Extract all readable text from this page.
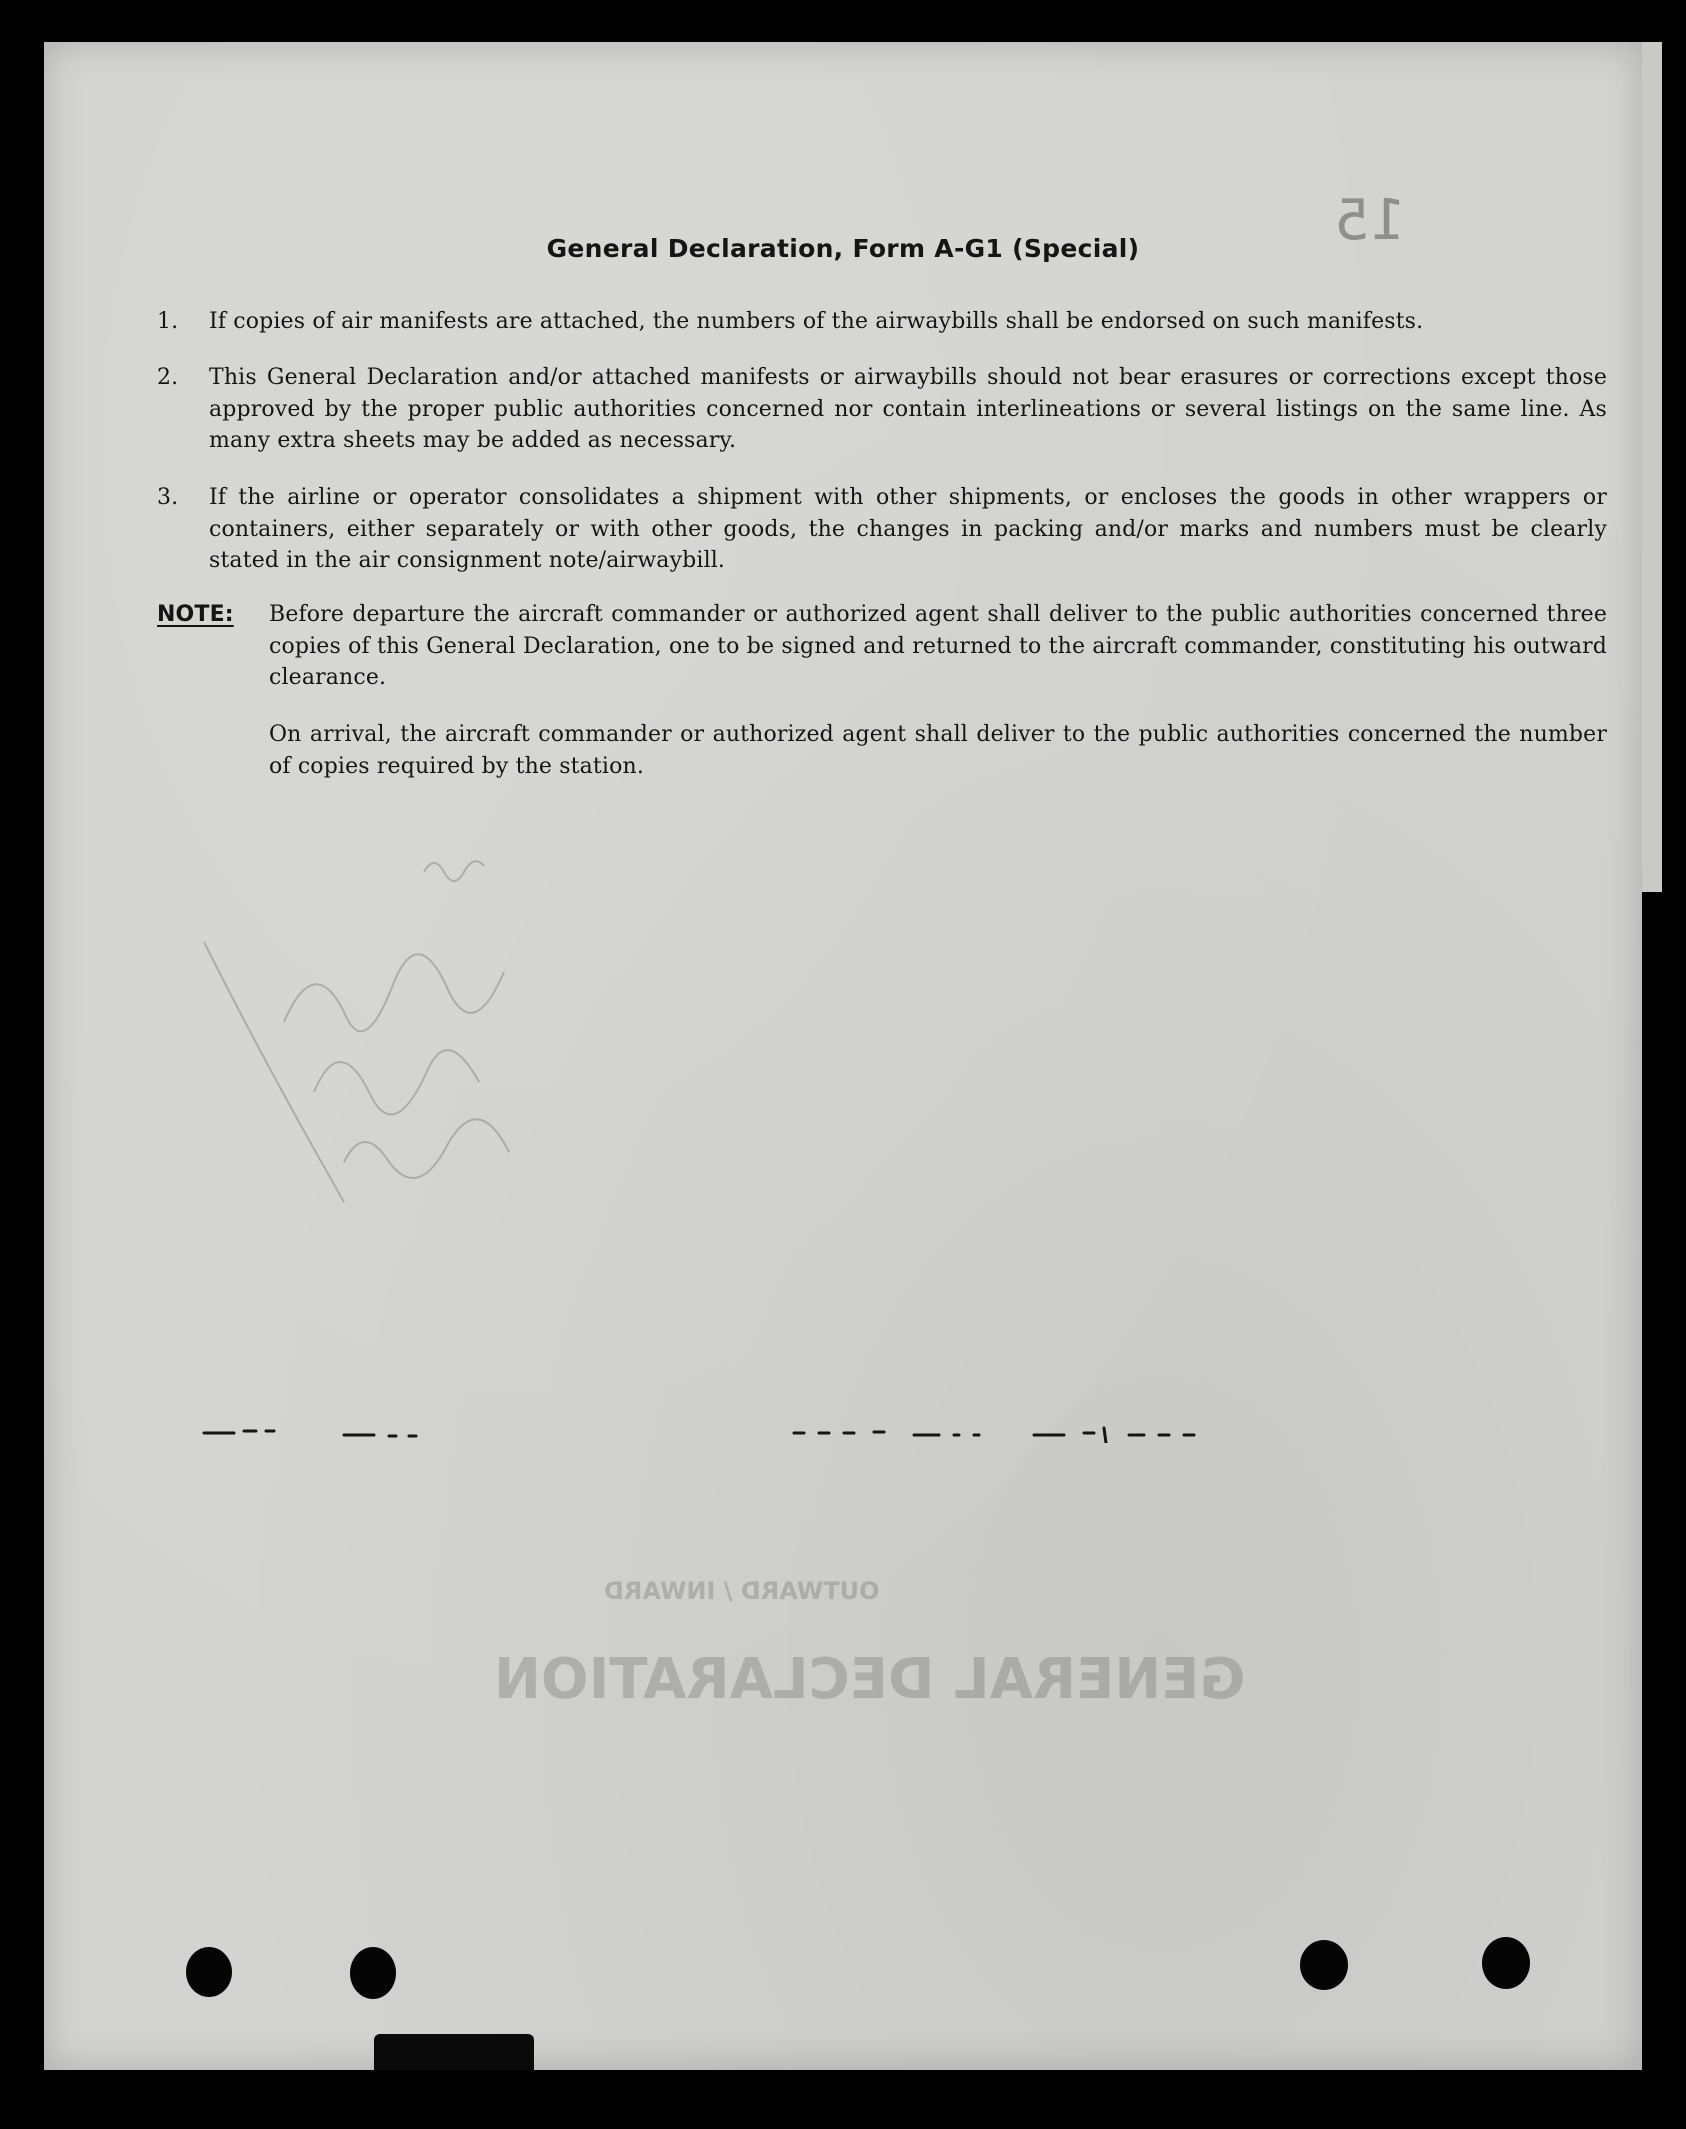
15
GENERAL DECLARATION
OUTWARD / INWARD
General Declaration, Form A-G1 (Special)
1. If copies of air manifests are attached, the numbers of the airwaybills shall be endorsed on such manifests.
2. This General Declaration and/or attached manifests or airwaybills should not bear erasures or corrections except those approved by the proper public authorities concerned nor contain interlineations or several listings on the same line. As many extra sheets may be added as necessary.
3. If the airline or operator consolidates a shipment with other shipments, or encloses the goods in other wrappers or containers, either separately or with other goods, the changes in packing and/or marks and numbers must be clearly stated in the air consignment note/airwaybill.
NOTE: Before departure the aircraft commander or authorized agent shall deliver to the public authorities concerned three copies of this General Declaration, one to be signed and returned to the aircraft commander, constituting his outward clearance.
On arrival, the aircraft commander or authorized agent shall deliver to the public authorities concerned the number of copies required by the station.
